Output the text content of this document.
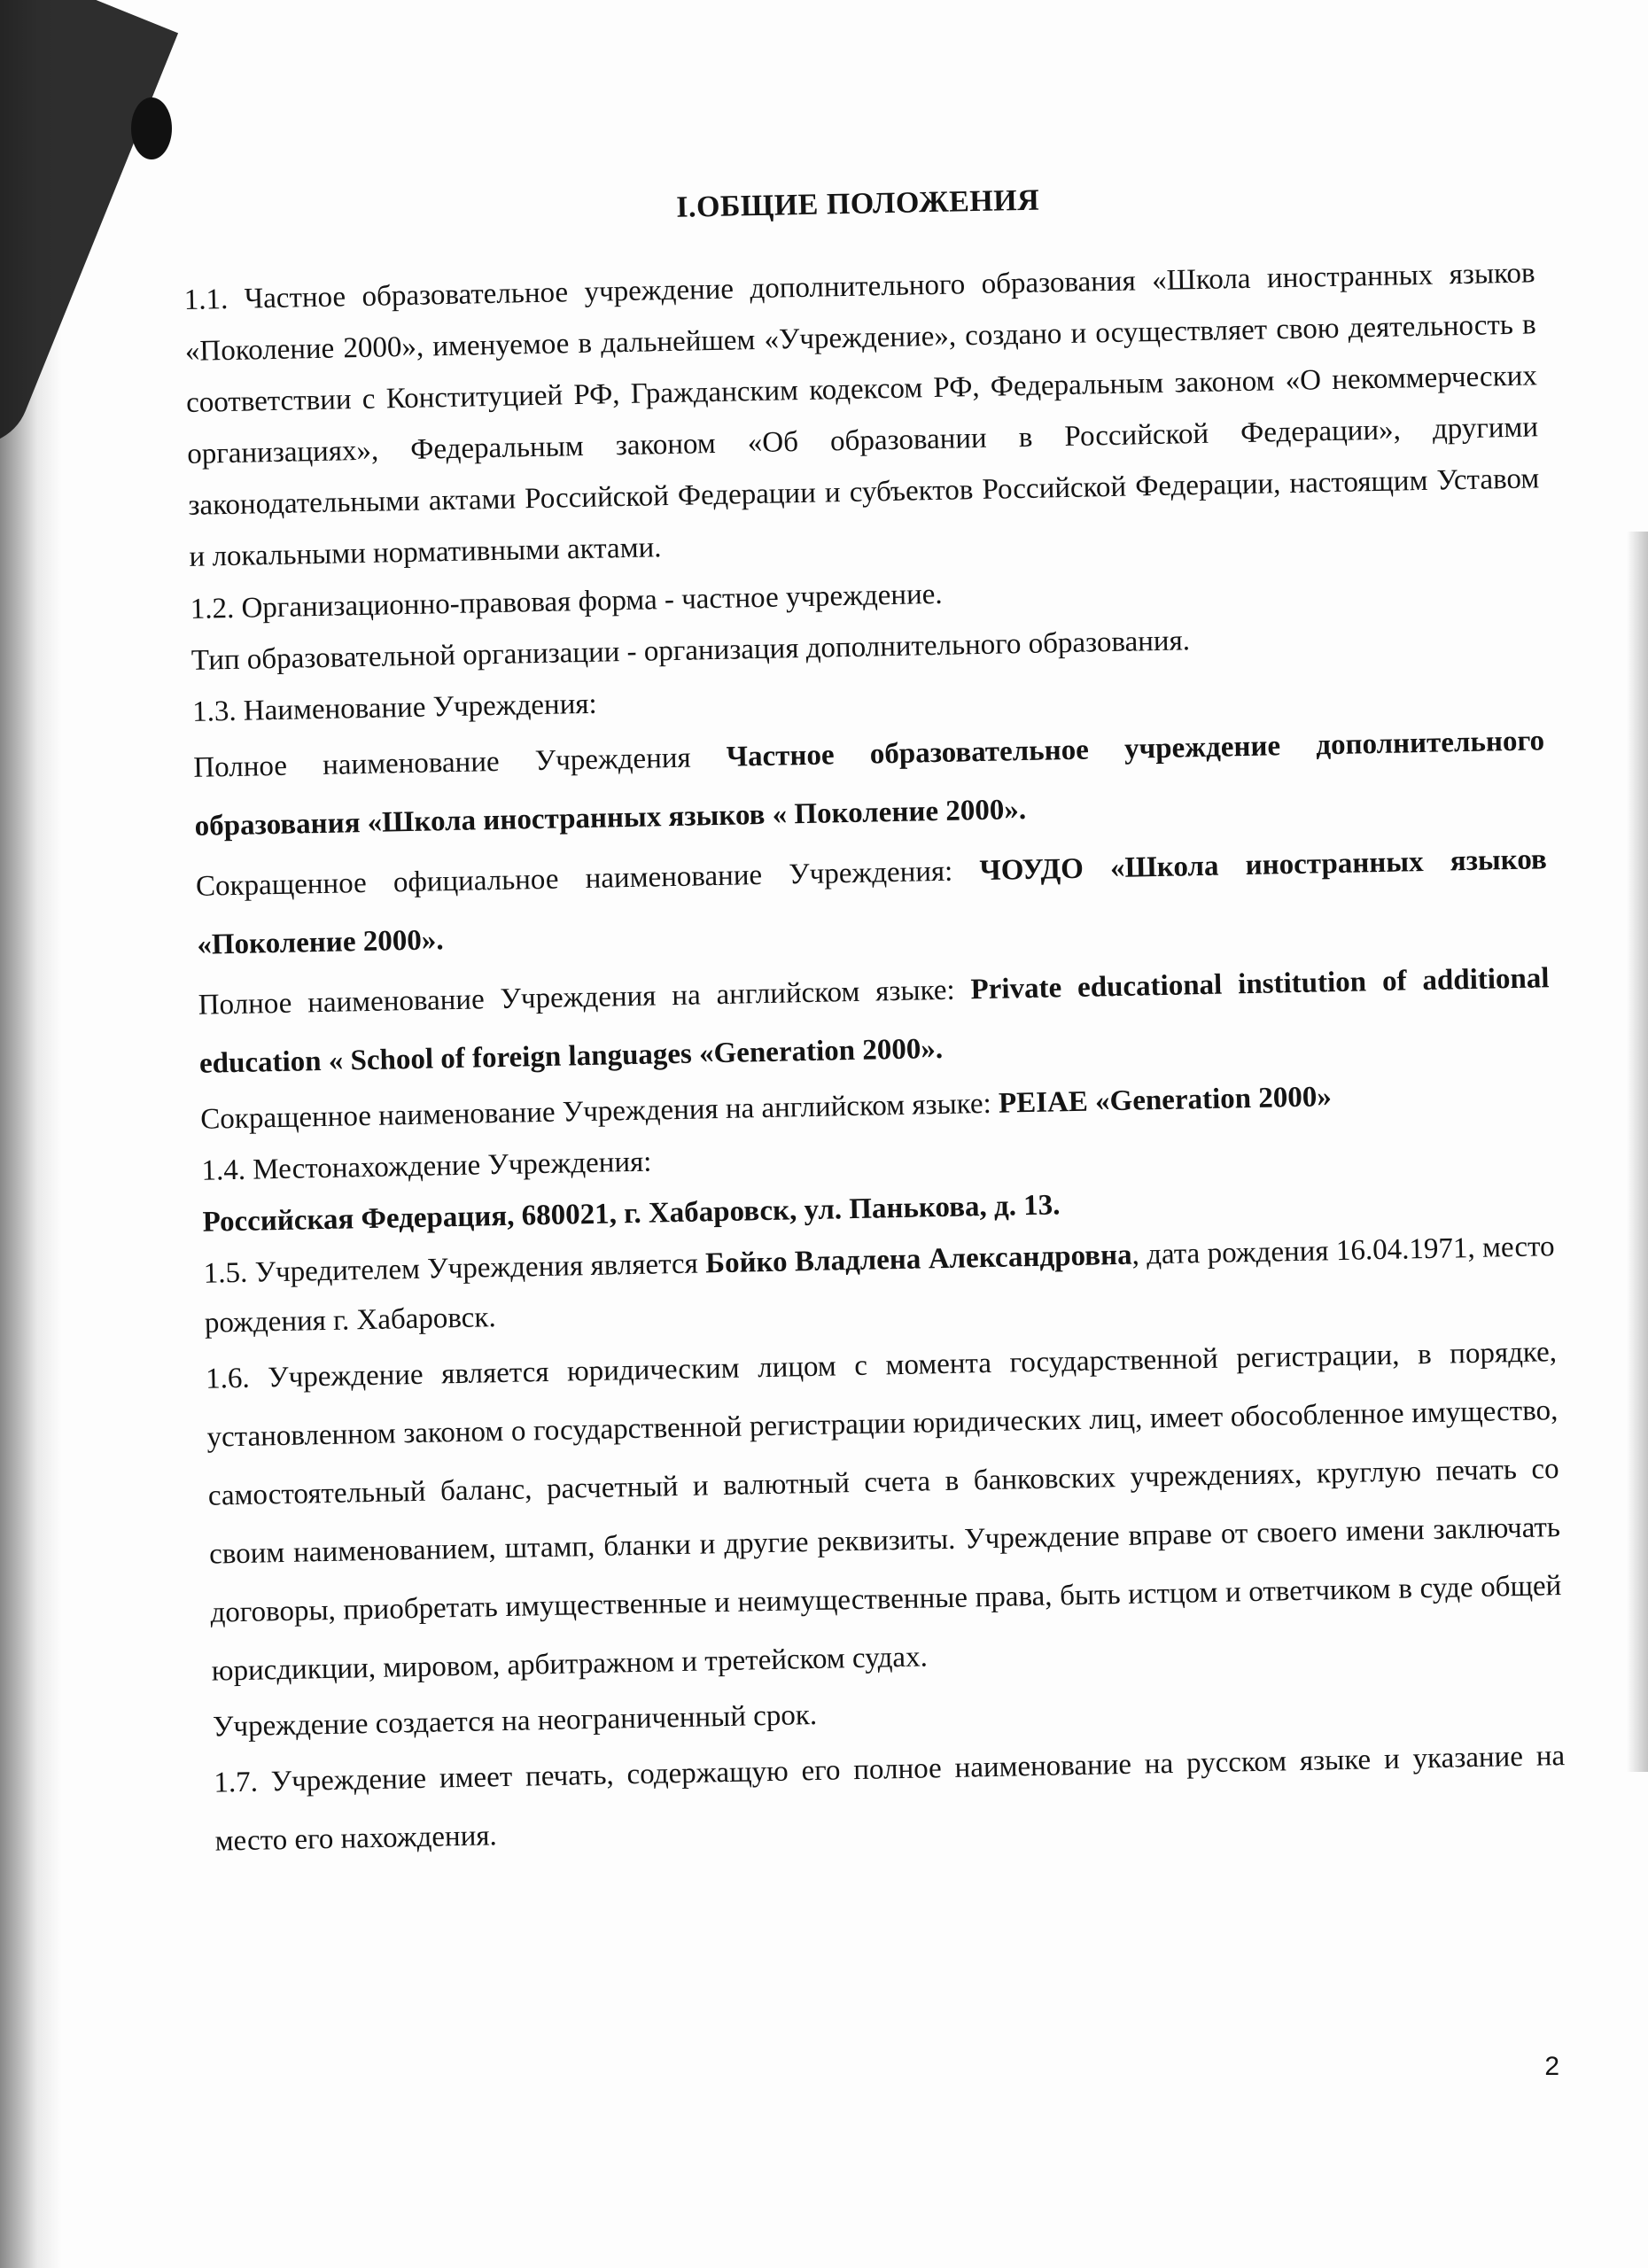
I.ОБЩИЕ ПОЛОЖЕНИЯ

1.1. Частное образовательное учреждение дополнительного образования «Школа иностранных языков «Поколение 2000», именуемое в дальнейшем «Учреждение», создано и осуществляет свою деятельность в соответствии с Конституцией РФ, Гражданским кодексом РФ, Федеральным законом «О некоммерческих организациях», Федеральным законом «Об образовании в Российской Федерации», другими законодательными актами Российской Федерации и субъектов Российской Федерации, настоящим Уставом и локальными нормативными актами.

1.2. Организационно-правовая форма - частное учреждение.

Тип образовательной организации - организация дополнительного образования.

1.3. Наименование Учреждения:

Полное наименование Учреждения Частное образовательное учреждение дополнительного образования «Школа иностранных языков « Поколение 2000».

Сокращенное официальное наименование Учреждения: ЧОУДО «Школа иностранных языков «Поколение 2000».

Полное наименование Учреждения на английском языке: Private educational institution of additional education « School of foreign languages «Generation 2000».

Сокращенное наименование Учреждения на английском языке: PEIAE «Generation 2000»

1.4. Местонахождение Учреждения:

Российская Федерация, 680021, г. Хабаровск, ул. Панькова, д. 13.

1.5. Учредителем Учреждения является Бойко Владлена Александровна, дата рождения 16.04.1971, место рождения г. Хабаровск.

1.6. Учреждение является юридическим лицом с момента государственной регистрации, в порядке, установленном законом о государственной регистрации юридических лиц, имеет обособленное имущество, самостоятельный баланс, расчетный и валютный счета в банковских учреждениях, круглую печать со своим наименованием, штамп, бланки и другие реквизиты. Учреждение вправе от своего имени заключать договоры, приобретать имущественные и неимущественные права, быть истцом и ответчиком в суде общей юрисдикции, мировом, арбитражном и третейском судах.

Учреждение создается на неограниченный срок.

1.7. Учреждение имеет печать, содержащую его полное наименование на русском языке и указание на место его нахождения.

2
